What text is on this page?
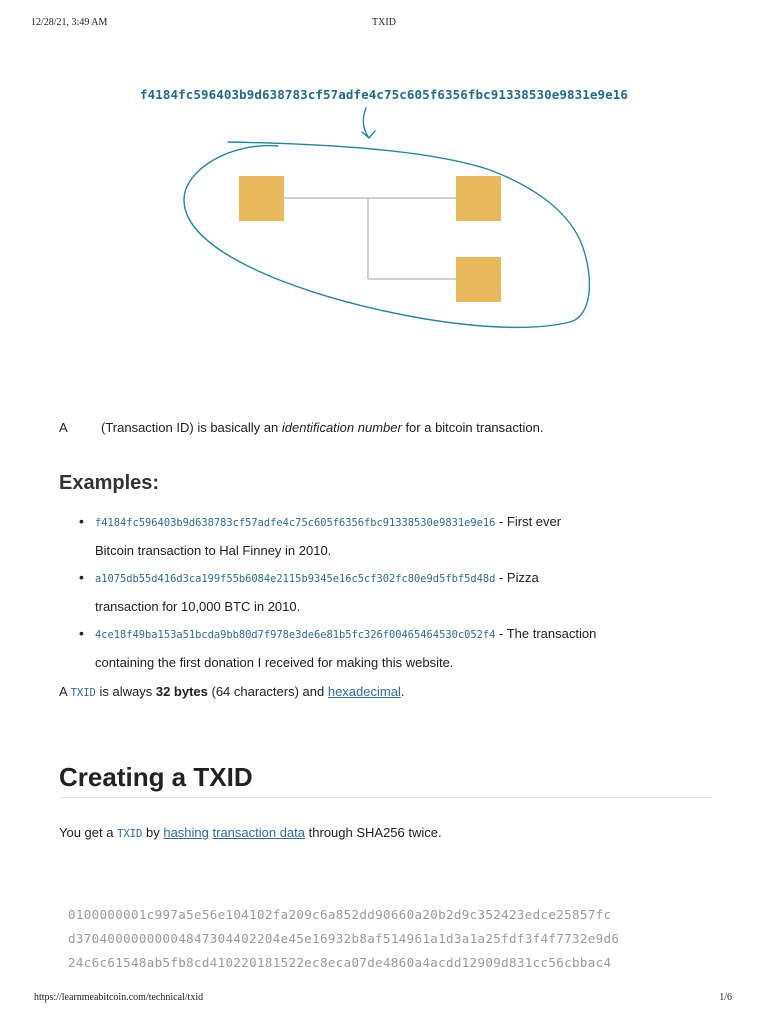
12/28/21, 3:49 AM	TXID
f4184fc596403b9d638783cf57adfe4c75c605f6356fbc91338530e9831e9e16
A	(Transaction ID) is basically an identification number for a bitcoin transaction.
Examples:
• f4184fc596403b9d638783cf57adfe4c75c605f6356fbc91338530e9831e9e16 - First ever
Bitcoin transaction to Hal Finney in 2010.
• a1075db55d416d3ca199f55b6084e2115b9345e16c5cf302fc80e9d5fbf5d48d - Pizza
transaction for 10,000 BTC in 2010.
• 4ce18f49ba153a51bcda9bb80d7f978e3de6e81b5fc326f00465464530c052f4 - The transaction
containing the first donation I received for making this website.
A TXID is always 32 bytes (64 characters) and hexadecimal.
Creating a TXID
You get a TXID by hashing transaction data through SHA256 twice.
0100000001c997a5e56e104102fa209c6a852dd90660a20b2d9c352423edce25857fc
d37040000000004847304402204e45e16932b8af514961a1d3a1a25fdf3f4f7732e9d6
24c6c61548ab5fb8cd410220181522ec8eca07de4860a4acdd12909d831cc56cbbac4
https://learnmeabitcoin.com/technical/txid	1/6
